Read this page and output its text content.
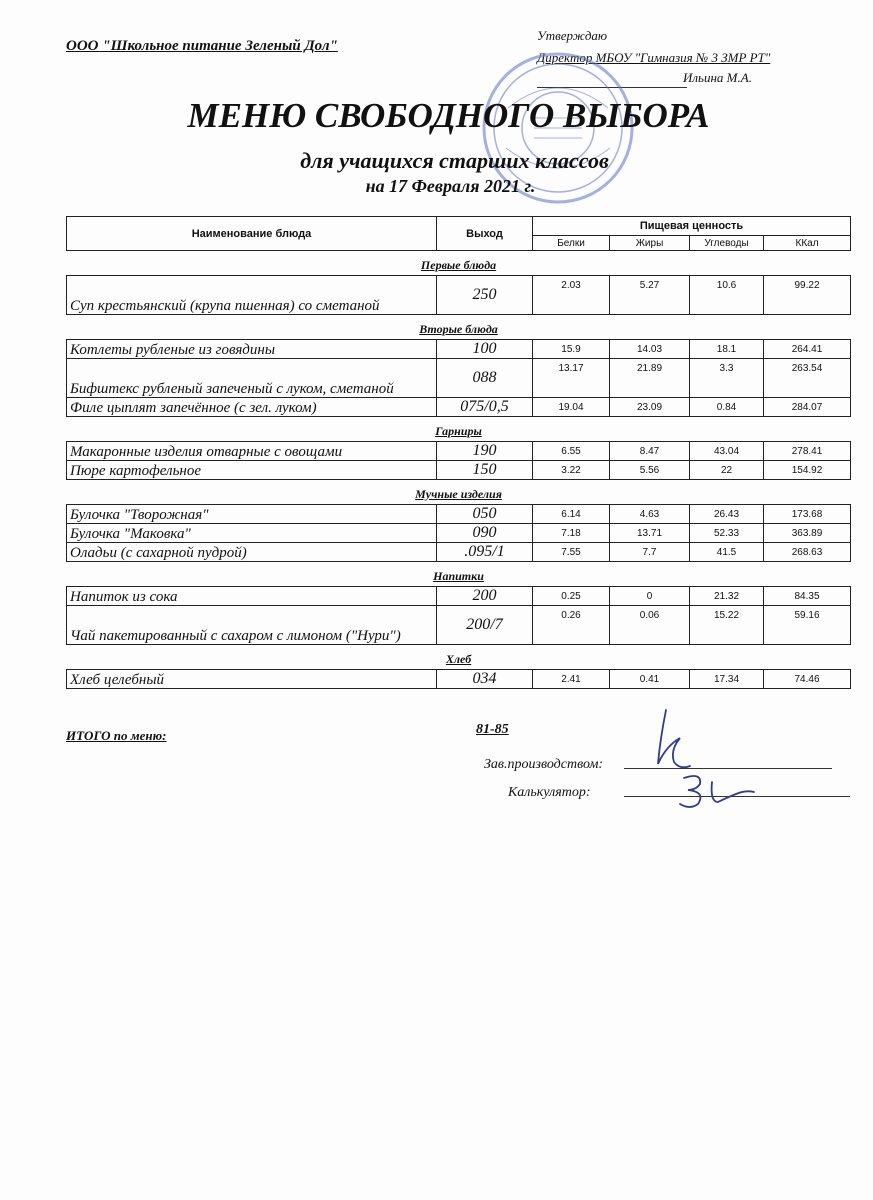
ООО "Школьное питание Зеленый Дол"
Утверждаю
Директор МБОУ "Гимназия № 3 ЗМР РТ"
Ильина М.А.
МЕНЮ СВОБОДНОГО ВЫБОРА
для учащихся старших классов
на 17 Февраля 2021 г.
Наименование блюда	Выход	Пищевая ценность			
		Белки	Жиры	Углеводы	ККал
Первые блюда					
Суп крестьянский (крупа пшенная) со сметаной	250	2.03	5.27	10.6	99.22
Вторые блюда					
Котлеты рубленые из говядины	100	15.9	14.03	18.1	264.41
Бифштекс рубленый запеченый с луком, сметаной	088	13.17	21.89	3.3	263.54
Филе цыплят запечённое (с зел. луком)	075/0,5	19.04	23.09	0.84	284.07
Гарниры					
Макаронные изделия отварные с овощами	190	6.55	8.47	43.04	278.41
Пюре картофельное	150	3.22	5.56	22	154.92
Мучные изделия					
Булочка "Творожная"	050	6.14	4.63	26.43	173.68
Булочка "Маковка"	090	7.18	13.71	52.33	363.89
Оладьи (с сахарной пудрой)	.095/1	7.55	7.7	41.5	268.63
Напитки					
Напиток из сока	200	0.25	0	21.32	84.35
Чай пакетированный с сахаром с лимоном ("Нури")	200/7	0.26	0.06	15.22	59.16
Хлеб					
Хлеб целебный	034	2.41	0.41	17.34	74.46
ИТОГО по меню:	81-85
Зав.производством:
Калькулятор:
